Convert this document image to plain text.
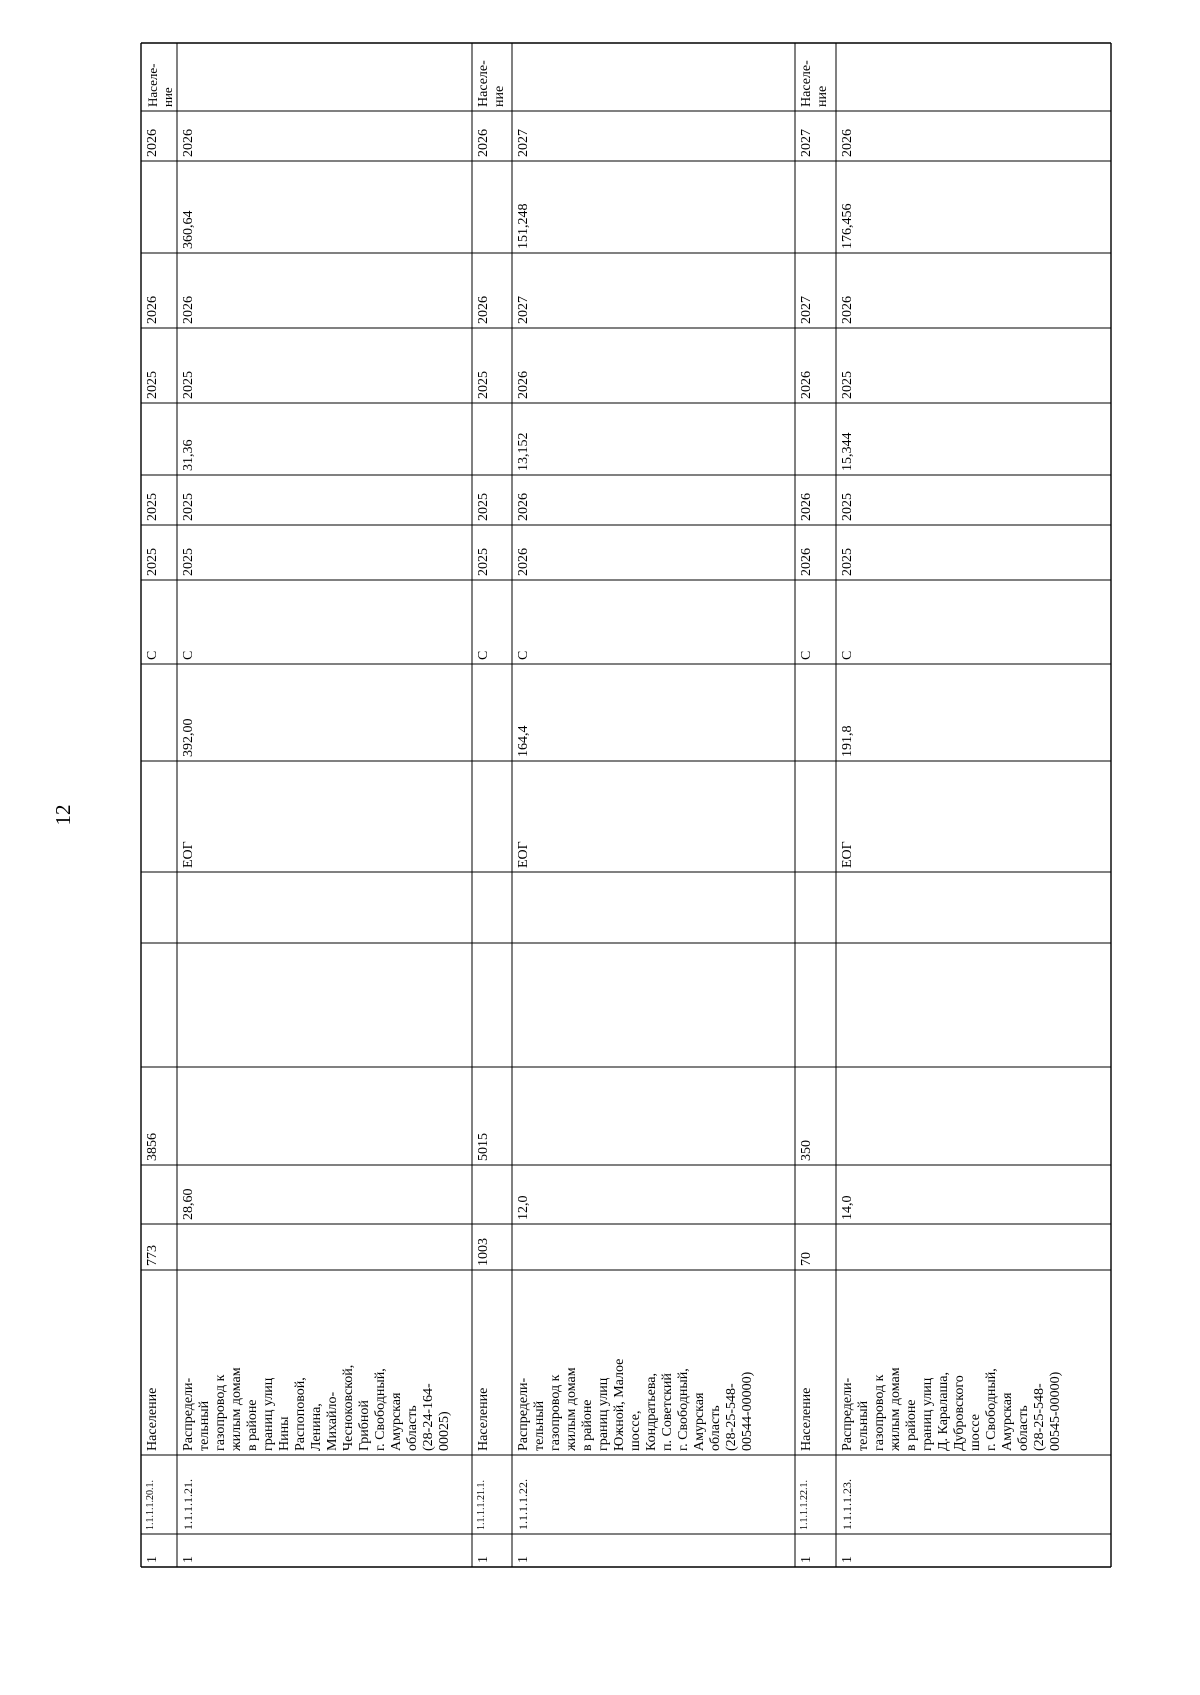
12
1
1.1.1.1.20.1.
Население
773
3856
С
2025
2025
2025
2026
2026
Населе-
ние
1
1.1.1.1.21.
Распредели-
тельный
газопровод к
жилым домам
в районе
границ улиц
Нины
Распоповой,
Ленина,
Михайло-
Чесноковской,
Грибной
г. Свободный,
Амурская
область
(28-24-164-
00025)
28,60
ЕОГ
392,00
С
2025
2025
31,36
2025
2026
360,64
2026
1
1.1.1.1.21.1.
Население
1003
5015
С
2025
2025
2025
2026
2026
Населе-
ние
1
1.1.1.1.22.
Распредели-
тельный
газопровод к
жилым домам
в районе
границ улиц
Южной, Малое
шоссе,
Кондратьева,
п. Советский
г. Свободный,
Амурская
область
(28-25-548-
00544-00000)
12,0
ЕОГ
164,4
С
2026
2026
13,152
2026
2027
151,248
2027
1
1.1.1.1.22.1.
Население
70
350
С
2026
2026
2026
2027
2027
Населе-
ние
1
1.1.1.1.23.
Распредели-
тельный
газопровод к
жилым домам
в районе
границ улиц
Д. Каралаша,
Дубровского
шоссе
г. Свободный,
Амурская
область
(28-25-548-
00545-00000)
14,0
ЕОГ
191,8
С
2025
2025
15,344
2025
2026
176,456
2026
